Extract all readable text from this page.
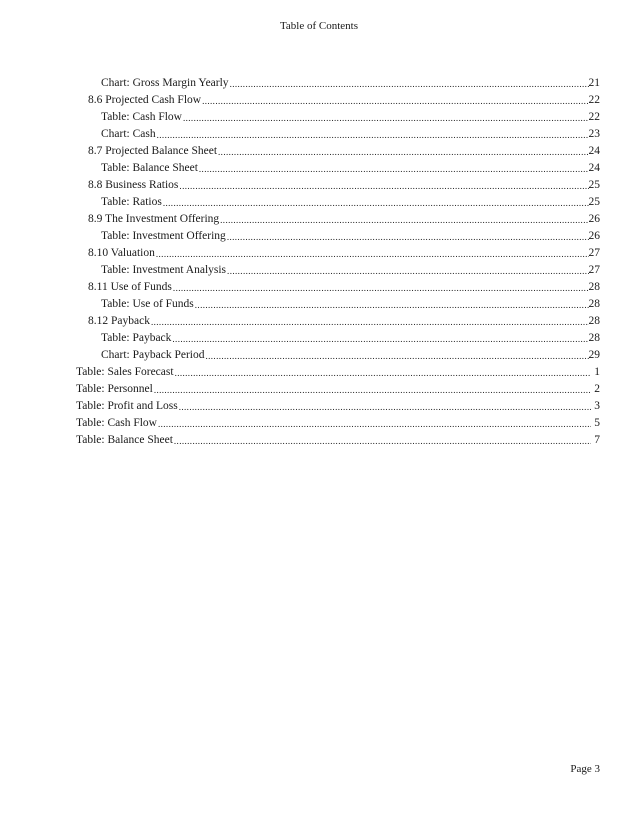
Table of Contents
Chart: Gross Margin Yearly .....	21
8.6 Projected Cash Flow .....	22
Table: Cash Flow .....	22
Chart: Cash .....	23
8.7 Projected Balance Sheet .....	24
Table: Balance Sheet .....	24
8.8 Business Ratios .....	25
Table: Ratios .....	25
8.9 The Investment Offering .....	26
Table: Investment Offering .....	26
8.10 Valuation .....	27
Table: Investment Analysis .....	27
8.11 Use of Funds .....	28
Table: Use of Funds .....	28
8.12 Payback .....	28
Table: Payback .....	28
Chart: Payback Period .....	29
Table: Sales Forecast .....	1
Table: Personnel .....	2
Table: Profit and Loss .....	3
Table: Cash Flow .....	5
Table: Balance Sheet .....	7
Page 3
